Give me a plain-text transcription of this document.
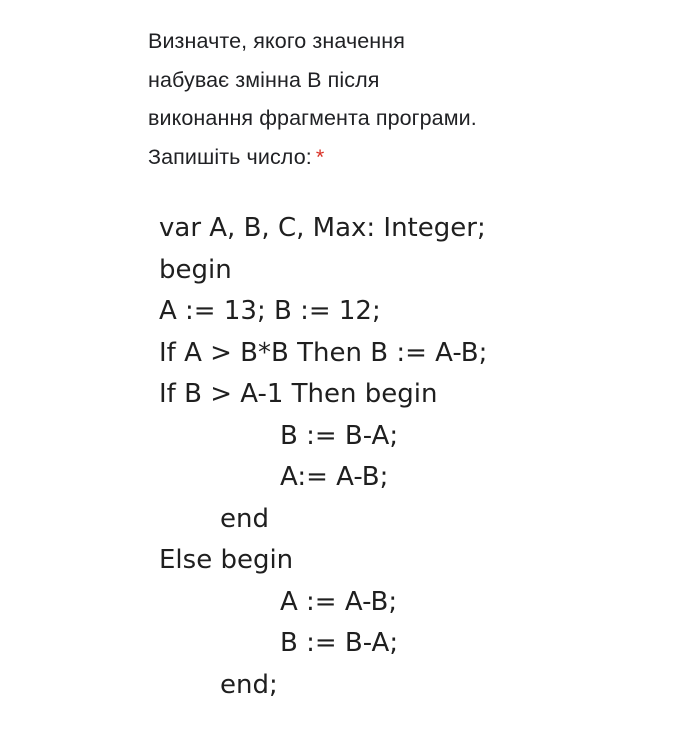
Визначте, якого значення
набуває змінна B після
виконання фрагмента програми.
Запишіть число: *
var A, B, C, Max: Integer;
begin
A := 13; B := 12;
If A > B*B Then B := A-B;
If B > A-1 Then begin
B := B-A;
A:= A-B;
end
Else begin
A := A-B;
B := B-A;
end;
